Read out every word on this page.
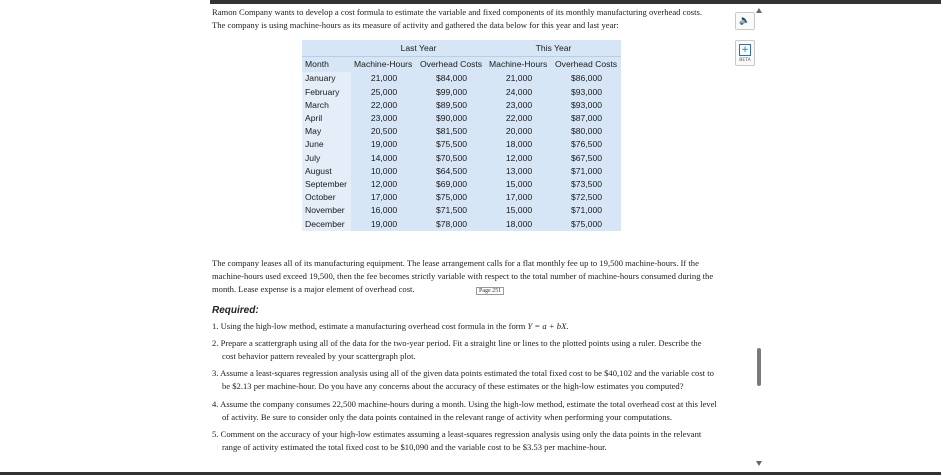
Ramon Company wants to develop a cost formula to estimate the variable and fixed components of its monthly manufacturing overhead costs. The company is using machine-hours as its measure of activity and gathered the data below for this year and last year:

	Last Year		This Year	
Month	Machine-Hours	Overhead Costs	Machine-Hours	Overhead Costs
January	21,000	$84,000	21,000	$86,000
February	25,000	$99,000	24,000	$93,000
March	22,000	$89,500	23,000	$93,000
April	23,000	$90,000	22,000	$87,000
May	20,500	$81,500	20,000	$80,000
June	19,000	$75,500	18,000	$76,500
July	14,000	$70,500	12,000	$67,500
August	10,000	$64,500	13,000	$71,000
September	12,000	$69,000	15,000	$73,500
October	17,000	$75,000	17,000	$72,500
November	16,000	$71,500	15,000	$71,000
December	19,000	$78,000	18,000	$75,000

The company leases all of its manufacturing equipment. The lease arrangement calls for a flat monthly fee up to 19,500 machine-hours. If the machine-hours used exceed 19,500, then the fee becomes strictly variable with respect to the total number of machine-hours consumed during the month. Lease expense is a major element of overhead cost.

Required:

1. Using the high-low method, estimate a manufacturing overhead cost formula in the form Y = a + bX.

2. Prepare a scattergraph using all of the data for the two-year period. Fit a straight line or lines to the plotted points using a ruler. Describe the cost behavior pattern revealed by your scattergraph plot.

3. Assume a least-squares regression analysis using all of the given data points estimated the total fixed cost to be $40,102 and the variable cost to be $2.13 per machine-hour. Do you have any concerns about the accuracy of these estimates or the high-low estimates you computed?

4. Assume the company consumes 22,500 machine-hours during a month. Using the high-low method, estimate the total overhead cost at this level of activity. Be sure to consider only the data points contained in the relevant range of activity when performing your computations.

5. Comment on the accuracy of your high-low estimates assuming a least-squares regression analysis using only the data points in the relevant range of activity estimated the total fixed cost to be $10,090 and the variable cost to be $3.53 per machine-hour.

Page 251
🔈
+
BETA
